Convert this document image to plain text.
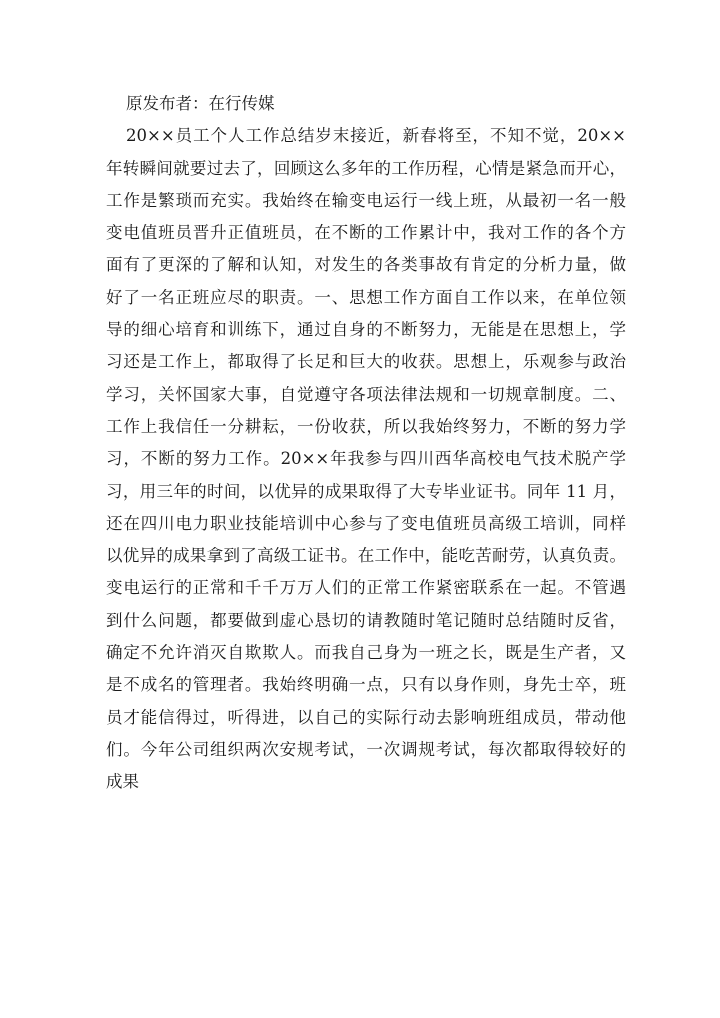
原发布者：在行传媒
20××员工个人工作总结岁末接近，新春将至，不知不觉，20××
年转瞬间就要过去了，回顾这么多年的工作历程，心情是紧急而开心，
工作是繁琐而充实。我始终在输变电运行一线上班，从最初一名一般
变电值班员晋升正值班员，在不断的工作累计中，我对工作的各个方
面有了更深的了解和认知，对发生的各类事故有肯定的分析力量，做
好了一名正班应尽的职责。一、思想工作方面自工作以来，在单位领
导的细心培育和训练下，通过自身的不断努力，无能是在思想上，学
习还是工作上，都取得了长足和巨大的收获。思想上，乐观参与政治
学习，关怀国家大事，自觉遵守各项法律法规和一切规章制度。二、
工作上我信任一分耕耘，一份收获，所以我始终努力，不断的努力学
习，不断的努力工作。20××年我参与四川西华高校电气技术脱产学
习，用三年的时间，以优异的成果取得了大专毕业证书。同年 11 月，
还在四川电力职业技能培训中心参与了变电值班员高级工培训，同样
以优异的成果拿到了高级工证书。在工作中，能吃苦耐劳，认真负责。
变电运行的正常和千千万万人们的正常工作紧密联系在一起。不管遇
到什么问题，都要做到虚心恳切的请教随时笔记随时总结随时反省，
确定不允许消灭自欺欺人。而我自己身为一班之长，既是生产者，又
是不成名的管理者。我始终明确一点，只有以身作则，身先士卒，班
员才能信得过，听得进，以自己的实际行动去影响班组成员，带动他
们。今年公司组织两次安规考试，一次调规考试，每次都取得较好的
成果
